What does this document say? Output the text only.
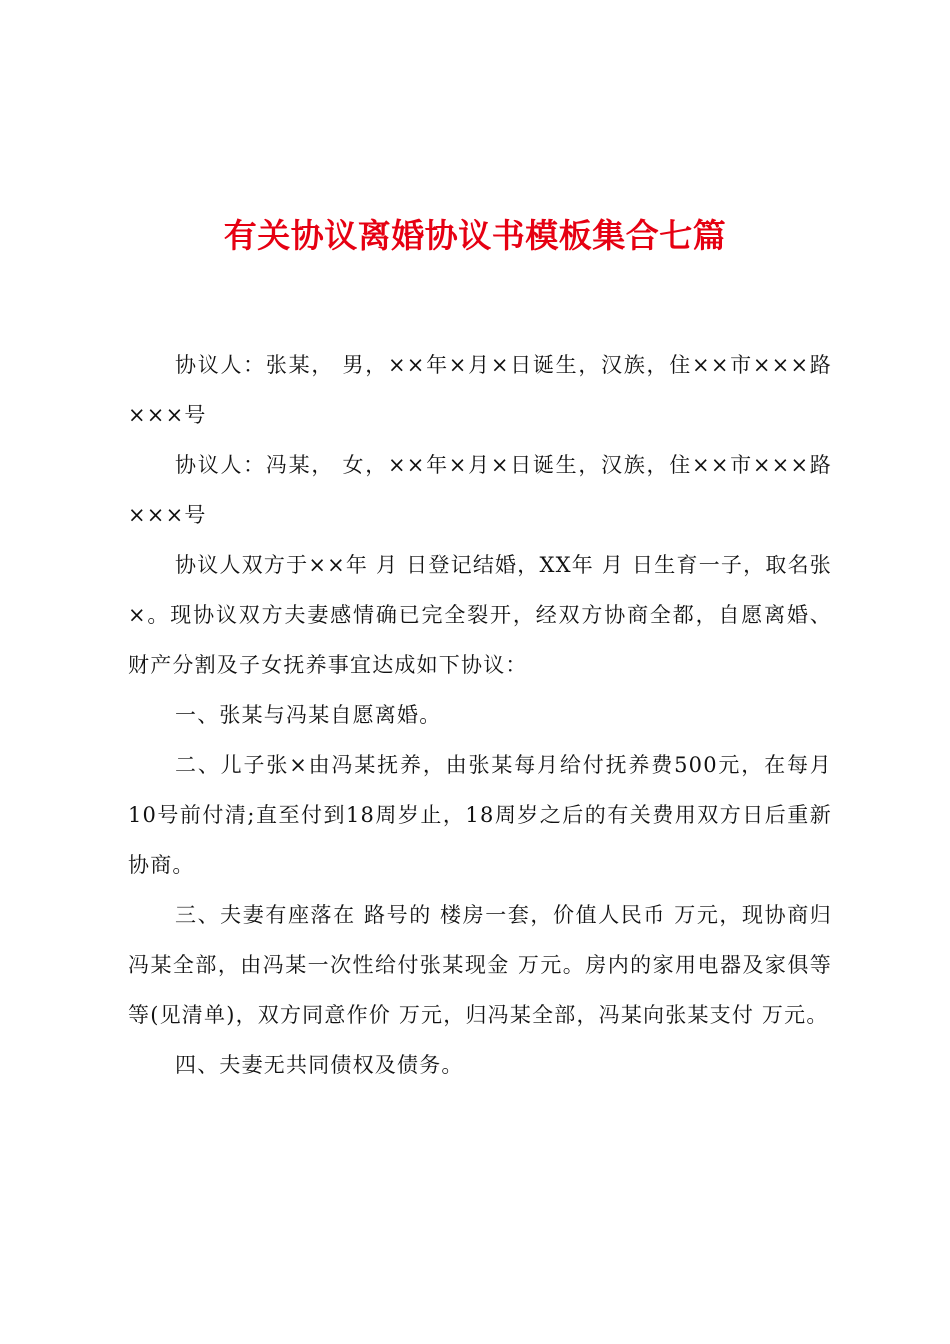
有关协议离婚协议书模板集合七篇

协议人：张某， 男，××年×月×日诞生，汉族，住××市×××路×××号

协议人：冯某， 女，××年×月×日诞生，汉族，住××市×××路×××号

协议人双方于××年 月 日登记结婚，XX年 月 日生育一子，取名张×。现协议双方夫妻感情确已完全裂开，经双方协商全都，自愿离婚、财产分割及子女抚养事宜达成如下协议：

一、张某与冯某自愿离婚。

二、儿子张×由冯某抚养，由张某每月给付抚养费500元，在每月10号前付清;直至付到18周岁止，18周岁之后的有关费用双方日后重新协商。

三、夫妻有座落在 路号的 楼房一套，价值人民币 万元，现协商归冯某全部，由冯某一次性给付张某现金 万元。房内的家用电器及家俱等等(见清单)，双方同意作价 万元，归冯某全部，冯某向张某支付 万元。

四、夫妻无共同债权及债务。
